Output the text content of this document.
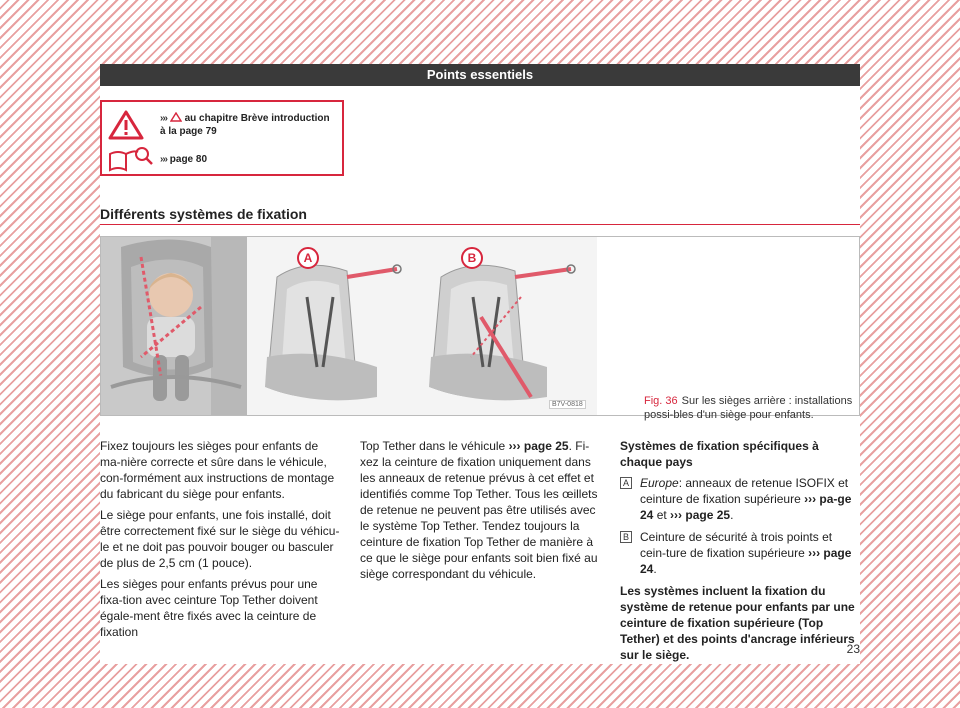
Points essentiels
››› au chapitre Brève introduction à la page 79
››› page 80
Différents systèmes de fixation
A	B
B7V-0818	Fig. 36 Sur les sièges arrière : installations possi-bles d'un siège pour enfants.

Fixez toujours les sièges pour enfants de ma-nière correcte et sûre dans le véhicule, con-formément aux instructions de montage du fabricant du siège pour enfants.

Le siège pour enfants, une fois installé, doit être correctement fixé sur le siège du véhicu-le et ne doit pas pouvoir bouger ou basculer de plus de 2,5 cm (1 pouce).

Les sièges pour enfants prévus pour une fixa-tion avec ceinture Top Tether doivent égale-ment être fixés avec la ceinture de fixation

Top Tether dans le véhicule ››› page 25. Fi-xez la ceinture de fixation uniquement dans les anneaux de retenue prévus à cet effet et identifiés comme Top Tether. Tous les œillets de retenue ne peuvent pas être utilisés avec le système Top Tether. Tendez toujours la ceinture de fixation Top Tether de manière à ce que le siège pour enfants soit bien fixé au siège correspondant du véhicule.

Systèmes de fixation spécifiques à chaque pays

A Europe: anneaux de retenue ISOFIX et ceinture de fixation supérieure ››› pa-ge 24 et ››› page 25.
B Ceinture de sécurité à trois points et cein-ture de fixation supérieure ››› page 24.

Les systèmes incluent la fixation du système de retenue pour enfants par une ceinture de fixation supérieure (Top Tether) et des points d'ancrage inférieurs sur le siège.	23
